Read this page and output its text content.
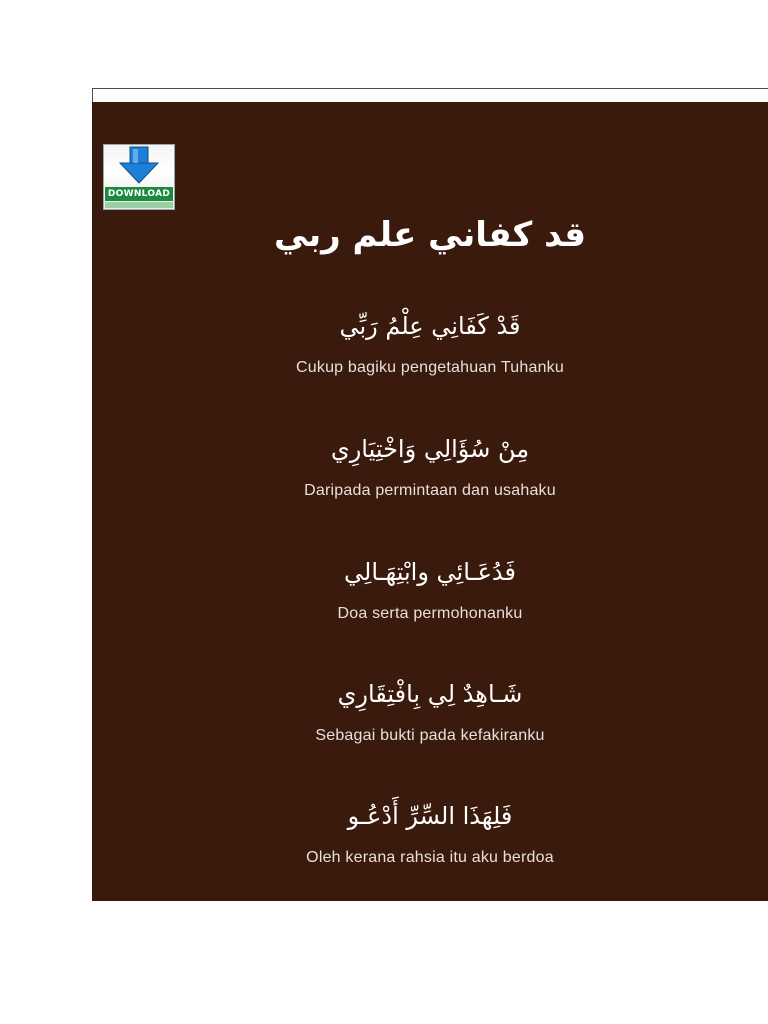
DOWNLOAD
قد كفاني علم ربي
قَدْ كَفَانِي عِلْمُ رَبِّي
Cukup bagiku pengetahuan Tuhanku
مِنْ سُؤَالِي وَاخْتِيَارِي
Daripada permintaan dan usahaku
فَدُعَـائِي وابْتِهَـالِي
Doa serta permohonanku
شَـاهِدٌ لِي بِافْتِقَارِي
Sebagai bukti pada kefakiranku
فَلِهَذَا السِّرِّ أَدْعُـو
Oleh kerana rahsia itu aku berdoa
